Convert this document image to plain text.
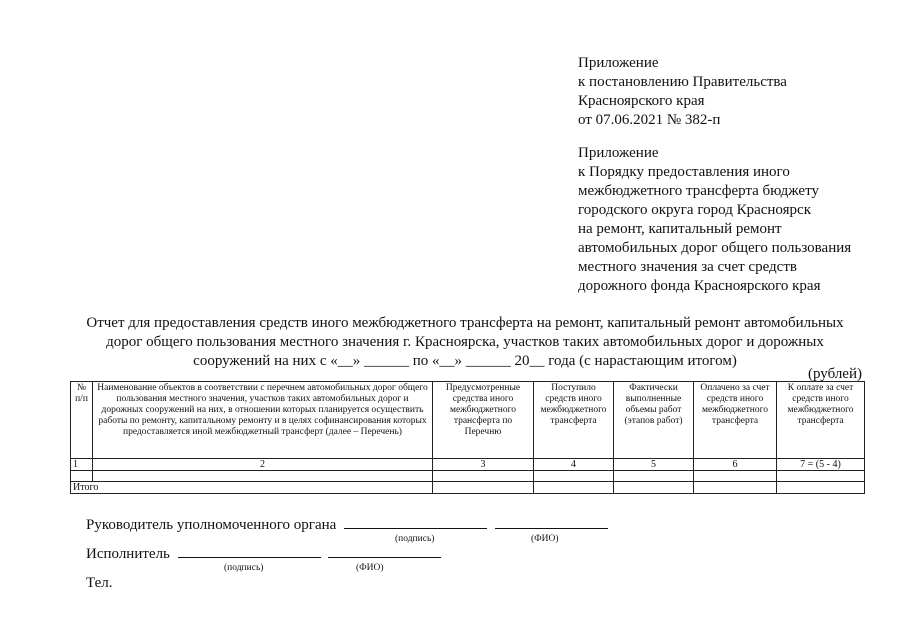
Приложение
к постановлению Правительства
Красноярского края
от 07.06.2021 № 382-п
Приложение
к Порядку предоставления иного
межбюджетного трансферта бюджету
городского округа город Красноярск
на ремонт, капитальный ремонт
автомобильных дорог общего пользования
местного значения за счет средств
дорожного фонда Красноярского края
Отчет для предоставления средств иного межбюджетного трансферта на ремонт, капитальный ремонт автомобильных
дорог общего пользования местного значения г. Красноярска, участков таких автомобильных дорог и дорожных
сооружений на них с «__» ______ по «__» ______ 20__ года (с нарастающим итогом)
(рублей)
№ п/п	Наименование объектов в соответствии с перечнем автомобильных дорог общего пользования местного значения, участков таких автомобильных дорог и дорожных сооружений на них, в отношении которых планируется осуществить работы по ремонту, капитальному ремонту и в целях софинансирования которых предоставляется иной межбюджетный трансферт (далее – Перечень)	Предусмотренные средства иного межбюджетного трансферта по Перечню	Поступило средств иного межбюджетного трансферта	Фактически выполненные объемы работ (этапов работ)	Оплачено за счет средств иного межбюджетного трансферта	К оплате за счет средств иного межбюджетного трансферта
1	2	3	4	5	6	7 = (5 - 4)

Итого						
Руководитель уполномоченного органа
(подпись)	(ФИО)
Исполнитель
(подпись)	(ФИО)
Тел.
